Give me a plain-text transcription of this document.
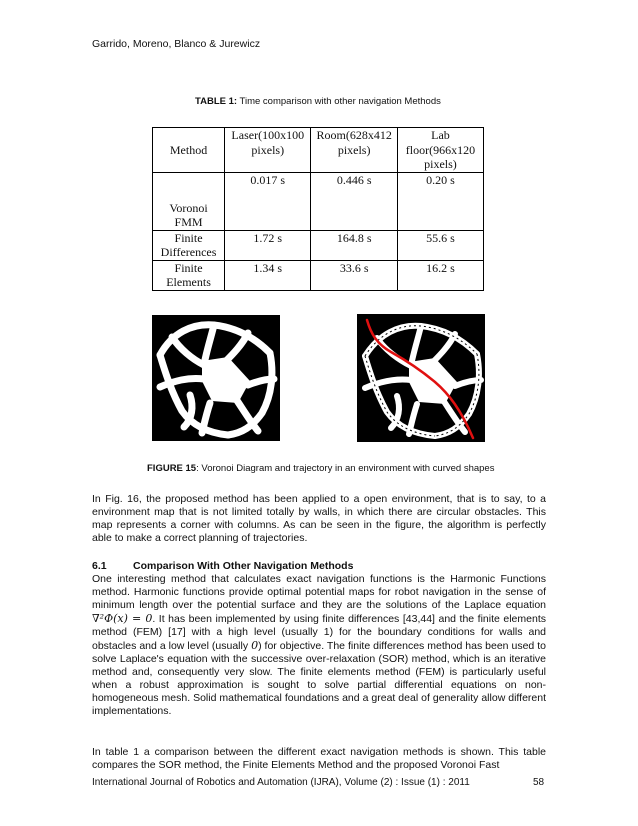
Garrido, Moreno, Blanco & Jurewicz
TABLE 1: Time comparison with other navigation Methods
Method	Laser(100x100 pixels)	Room(628x412 pixels)	Lab floor(966x120 pixels)
Voronoi FMM	0.017 s	0.446 s	0.20 s
Finite Differences	1.72 s	164.8 s	55.6 s
Finite Elements	1.34 s	33.6 s	16.2 s
FIGURE 15: Voronoi Diagram and trajectory in an environment with curved shapes

In Fig. 16, the proposed method has been applied to a open environment, that is to say, to a environment map that is not limited totally by walls, in which there are circular obstacles. This map represents a corner with columns. As can be seen in the figure, the algorithm is perfectly able to make a correct planning of trajectories.

6.1	Comparison With Other Navigation Methods

One interesting method that calculates exact navigation functions is the Harmonic Functions method. Harmonic functions provide optimal potential maps for robot navigation in the sense of minimum length over the potential surface and they are the solutions of the Laplace equation ∇²Φ(x) = 0. It has been implemented by using finite differences [43,44] and the finite elements method (FEM) [17] with a high level (usually 1) for the boundary conditions for walls and obstacles and a low level (usually 0) for objective. The finite differences method has been used to solve Laplace's equation with the successive over-relaxation (SOR) method, which is an iterative method and, consequently very slow. The finite elements method (FEM) is particularly useful when a robust approximation is sought to solve partial differential equations on non-homogeneous mesh. Solid mathematical foundations and a great deal of generality allow different implementations.

In table 1 a comparison between the different exact navigation methods is shown. This table compares the SOR method, the Finite Elements Method and the proposed Voronoi Fast

International Journal of Robotics and Automation (IJRA), Volume (2) : Issue (1) : 2011	58
